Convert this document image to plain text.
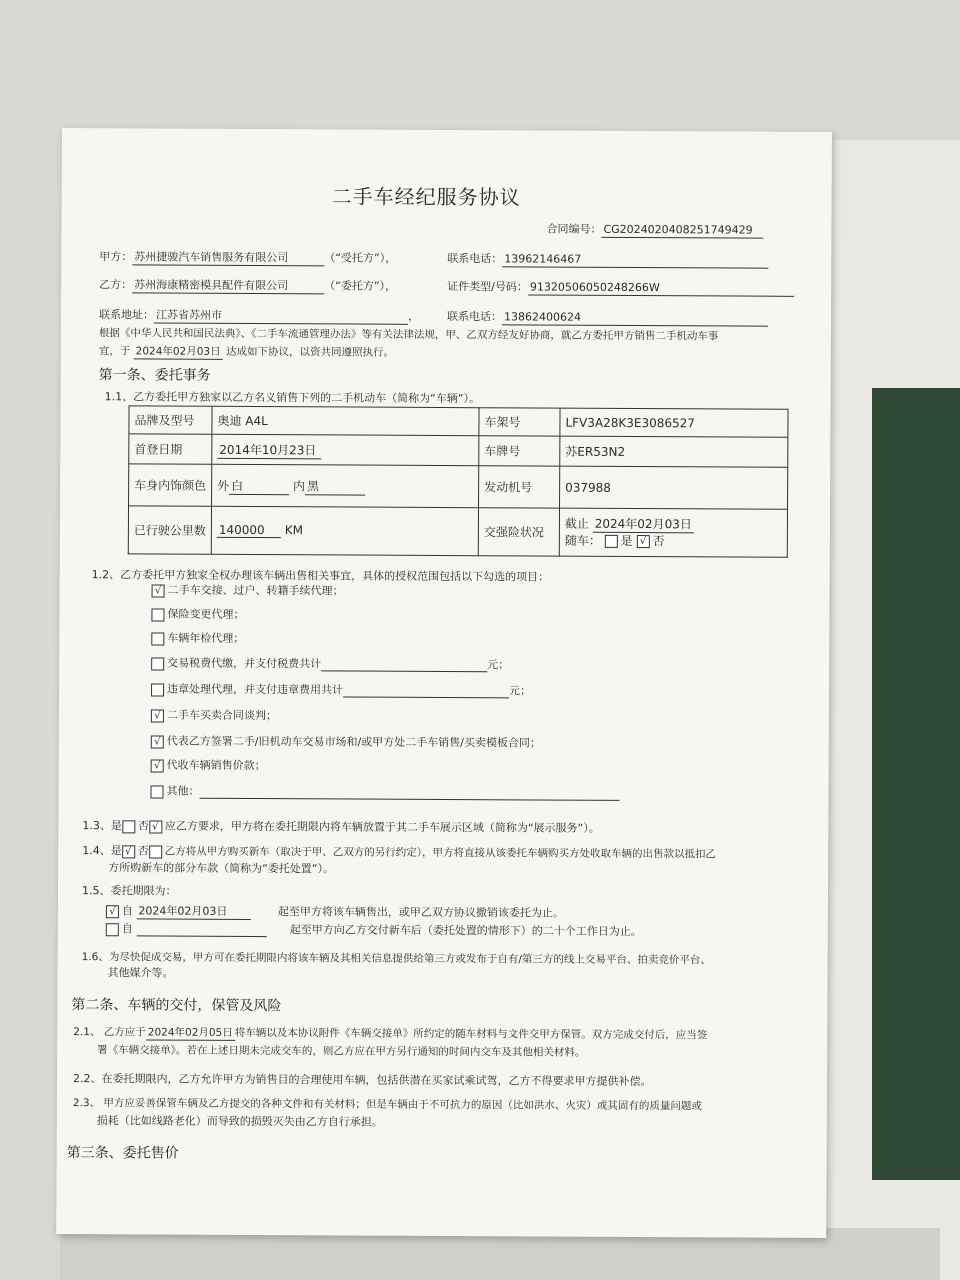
二手车经纪服务协议
合同编号： CG2024020408251749429
甲方： 苏州捷骏汽车销售服务有限公司	（“受托方”），	联系电话： 13962146467
乙方： 苏州海康精密模具配件有限公司	（“委托方”），	证件类型/号码： 91320506050248266W
联系地址： 江苏省苏州市	，	联系电话： 13862400624
根据《中华人民共和国民法典》、《二手车流通管理办法》等有关法律法规，甲、乙双方经友好协商，就乙方委托甲方销售二手机动车事
宜，于 2024年02月03日 达成如下协议，以资共同遵照执行。
第一条、委托事务
1.1、乙方委托甲方独家以乙方名义销售下列的二手机动车（简称为“车辆”）。
品牌及型号	奥迪 A4L	车架号	LFV3A28K3E3086527
首登日期	2014年10月23日	车牌号	苏ER53N2
车身内饰颜色	外 白 内 黑	发动机号	037988
已行驶公里数	140000 KM	交强险状况	截止 2024年02月03日
随车： 是 √ 否
1.2、乙方委托甲方独家全权办理该车辆出售相关事宜，具体的授权范围包括以下勾选的项目：
√ 二手车交接、过户、转籍手续代理；
保险变更代理；
车辆年检代理；
交易税费代缴，并支付税费共计	元；
违章处理代理，并支付违章费用共计	元；
√ 二手车买卖合同谈判；
√ 代表乙方签署二手/旧机动车交易市场和/或甲方处二手车销售/买卖模板合同；
√ 代收车辆销售价款；
其他：
1.3、是 否 √ 应乙方要求，甲方将在委托期限内将车辆放置于其二手车展示区域（简称为“展示服务”）。
1.4、是 √ 否 乙方将从甲方购买新车（取决于甲、乙双方的另行约定），甲方将直接从该委托车辆购买方处收取车辆的出售款以抵扣乙
方所购新车的部分车款（简称为“委托处置”）。
1.5、委托期限为：
√ 自 2024年02月03日	起至甲方将该车辆售出，或甲乙双方协议撤销该委托为止。
自	起至甲方向乙方交付新车后（委托处置的情形下）的二十个工作日为止。
1.6、为尽快促成交易，甲方可在委托期限内将该车辆及其相关信息提供给第三方或发布于自有/第三方的线上交易平台、拍卖竞价平台、
其他媒介等。
第二条、车辆的交付，保管及风险
2.1、 乙方应于 2024年02月05日 将车辆以及本协议附件《车辆交接单》所约定的随车材料与文件交甲方保管。双方完成交付后，应当签
署《车辆交接单》。若在上述日期未完成交车的，则乙方应在甲方另行通知的时间内交车及其他相关材料。
2.2、在委托期限内，乙方允许甲方为销售目的合理使用车辆，包括供潜在买家试乘试驾，乙方不得要求甲方提供补偿。
2.3、 甲方应妥善保管车辆及乙方提交的各种文件和有关材料；但是车辆由于不可抗力的原因（比如洪水、火灾）或其固有的质量问题或
损耗（比如线路老化）而导致的损毁灭失由乙方自行承担。
第三条、委托售价
